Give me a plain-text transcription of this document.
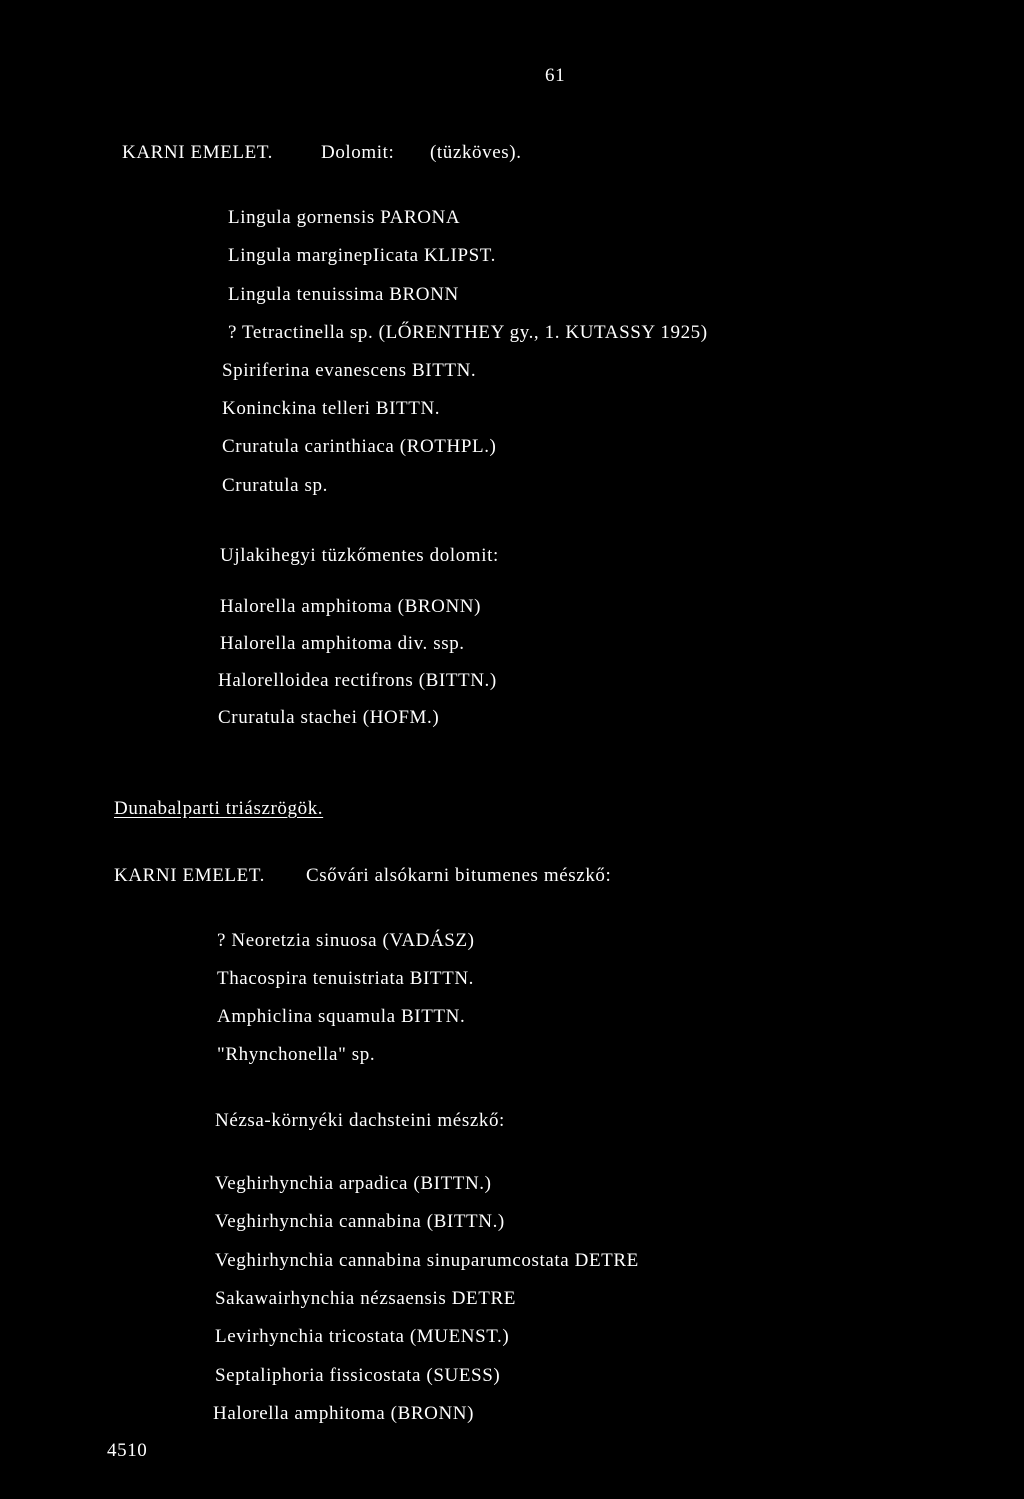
61
KARNI EMELET.	Dolomit: (tüzköves).
Lingula gornensis PARONA
Lingula marginepIicata KLIPST.
Lingula tenuissima BRONN
? Tetractinella sp. (LŐRENTHEY gy., 1. KUTASSY 1925)
Spiriferina evanescens BITTN.
Koninckina telleri BITTN.
Cruratula carinthiaca (ROTHPL.)
Cruratula sp.
Ujlakihegyi tüzkőmentes dolomit:
Halorella amphitoma (BRONN)
Halorella amphitoma div. ssp.
Halorelloidea rectifrons (BITTN.)
Cruratula stachei (HOFM.)
Dunabalparti triászrögök.
KARNI EMELET. Csővári alsókarni bitumenes mészkő:
? Neoretzia sinuosa (VADÁSZ)
Thacospira tenuistriata BITTN.
Amphiclina squamula BITTN.
"Rhynchonella" sp.
Nézsa-környéki dachsteini mészkő:
Veghirhynchia arpadica (BITTN.)
Veghirhynchia cannabina (BITTN.)
Veghirhynchia cannabina sinuparumcostata DETRE
Sakawairhynchia nézsaensis DETRE
Levirhynchia tricostata (MUENST.)
Septaliphoria fissicostata (SUESS)
Halorella amphitoma (BRONN)
4510
